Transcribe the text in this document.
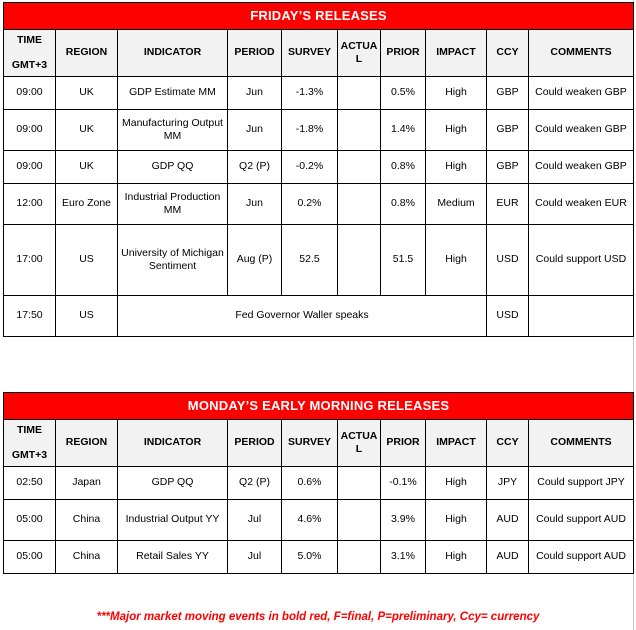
FRIDAY’S RELEASES									
TIME
GMT+3	REGION	INDICATOR	PERIOD	SURVEY	ACTUAL	PRIOR	IMPACT	CCY	COMMENTS
09:00	UK	GDP Estimate MM	Jun	-1.3%		0.5%	High	GBP	Could weaken GBP
09:00	UK	Manufacturing Output MM	Jun	-1.8%		1.4%	High	GBP	Could weaken GBP
09:00	UK	GDP QQ	Q2 (P)	-0.2%		0.8%	High	GBP	Could weaken GBP
12:00	Euro Zone	Industrial Production MM	Jun	0.2%		0.8%	Medium	EUR	Could weaken EUR
17:00	US	University of Michigan Sentiment	Aug (P)	52.5		51.5	High	USD	Could support USD
17:50	US	Fed Governor Waller speaks						USD	
MONDAY’S EARLY MORNING RELEASES									
TIME
GMT+3	REGION	INDICATOR	PERIOD	SURVEY	ACTUAL	PRIOR	IMPACT	CCY	COMMENTS
02:50	Japan	GDP QQ	Q2 (P)	0.6%		-0.1%	High	JPY	Could support JPY
05:00	China	Industrial Output YY	Jul	4.6%		3.9%	High	AUD	Could support AUD
05:00	China	Retail Sales YY	Jul	5.0%		3.1%	High	AUD	Could support AUD
***Major market moving events in bold red, F=final, P=preliminary, Ccy= currency
